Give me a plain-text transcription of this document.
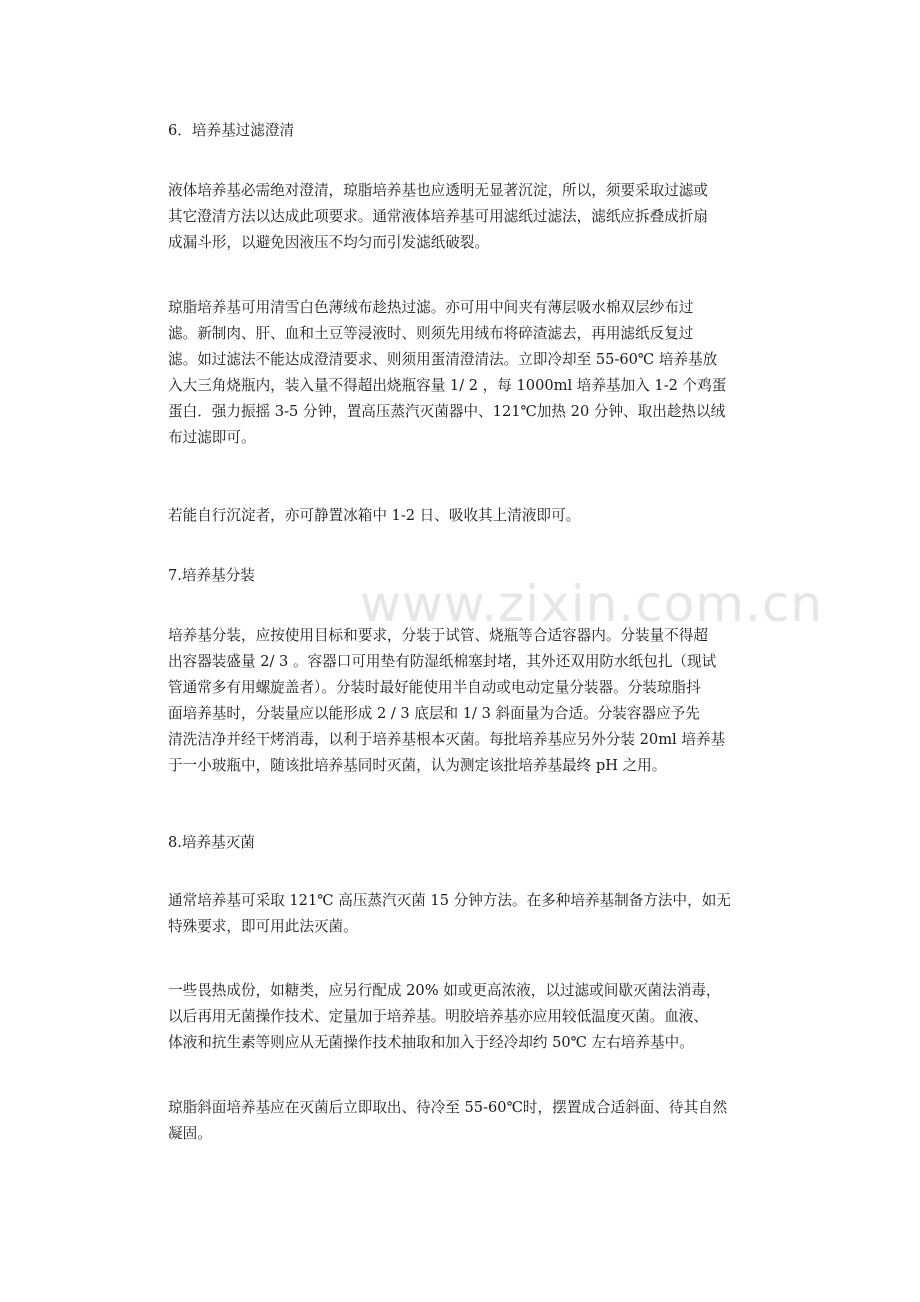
www.zixin.com.cn
6．培养基过滤澄清
液体培养基必需绝对澄清，琼脂培养基也应透明无显著沉淀，所以，须要采取过滤或
其它澄清方法以达成此项要求。通常液体培养基可用滤纸过滤法，滤纸应拆叠成折扇
成漏斗形，以避免因液压不均匀而引发滤纸破裂。
琼脂培养基可用清雪白色薄绒布趁热过滤。亦可用中间夹有薄层吸水棉双层纱布过
滤。新制肉、肝、血和土豆等浸液时、则须先用绒布将碎渣滤去，再用滤纸反复过
滤。如过滤法不能达成澄清要求、则须用蛋清澄清法。立即冷却至 55-60℃ 培养基放
入大三角烧瓶内，装入量不得超出烧瓶容量 1/ 2 ，每 1000ml 培养基加入 1-2 个鸡蛋
蛋白．强力振摇 3-5 分钟，置高压蒸汽灭菌器中、121℃加热 20 分钟、取出趁热以绒
布过滤即可。
若能自行沉淀者，亦可静置冰箱中 1-2 日、吸收其上清液即可。
7.培养基分装
培养基分装，应按使用目标和要求，分装于试管、烧瓶等合适容器内。分装量不得超
出容器装盛量 2/ 3 。容器口可用垫有防湿纸棉塞封堵，其外还双用防水纸包扎（现试
管通常多有用螺旋盖者）。分装时最好能使用半自动或电动定量分装器。分装琼脂抖
面培养基时，分装量应以能形成 2 / 3 底层和 1/ 3 斜面量为合适。分装容器应予先
清洗洁净并经干烤消毒，以利于培养基根本灭菌。每批培养基应另外分装 20ml 培养基
于一小玻瓶中，随该批培养基同时灭菌，认为测定该批培养基最终 pH 之用。
8.培养基灭菌
通常培养基可采取 121℃ 高压蒸汽灭菌 15 分钟方法。在多种培养基制备方法中，如无
特殊要求，即可用此法灭菌。
一些畏热成份，如糖类，应另行配成 20% 如或更高浓液，以过滤或间歇灭菌法消毒，
以后再用无菌操作技术、定量加于培养基。明胶培养基亦应用较低温度灭菌。血液、
体液和抗生素等则应从无菌操作技术抽取和加入于经冷却约 50℃ 左右培养基中。
琼脂斜面培养基应在灭菌后立即取出、待冷至 55-60℃时，摆置成合适斜面、待其自然
凝固。
